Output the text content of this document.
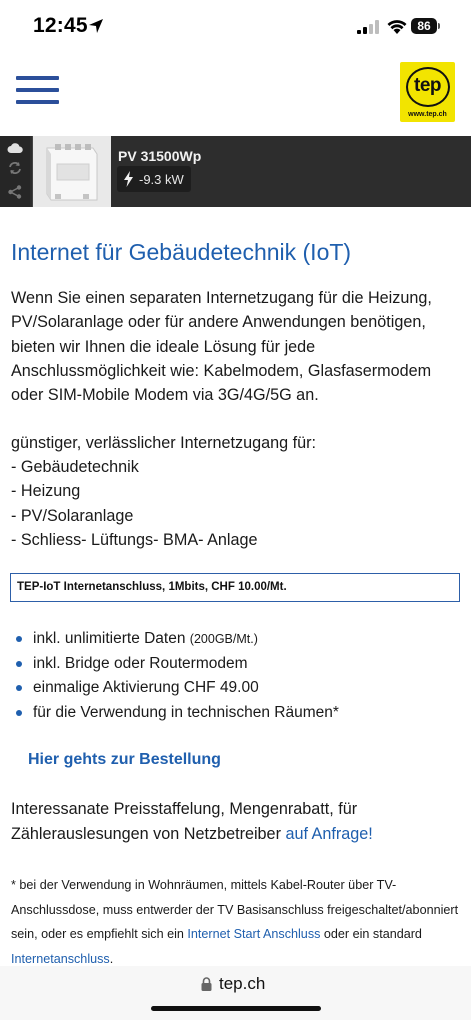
12:45	86
tep
www.tep.ch
PV 31500Wp
-9.3 kW
Internet für Gebäudetechnik (IoT)

Wenn Sie einen separaten Internetzugang für die Heizung, PV/Solaranlage oder für andere Anwendungen benötigen, bieten wir Ihnen die ideale Lösung für jede Anschlussmöglichkeit wie: Kabelmodem, Glasfasermodem oder SIM-Mobile Modem via 3G/4G/5G an.

günstiger, verlässlicher Internetzugang für:

- Gebäudetechnik
- Heizung
- PV/Solaranlage
- Schliess- Lüftungs- BMA- Anlage
TEP-IoT Internetanschluss, 1Mbits, CHF 10.00/Mt.
inkl. unlimitierte Daten (200GB/Mt.)
inkl. Bridge oder Routermodem
einmalige Aktivierung CHF 49.00
für die Verwendung in technischen Räumen*
Hier gehts zur Bestellung

Interessanate Preisstaffelung, Mengenrabatt, für Zählerauslesungen von Netzbetreiber auf Anfrage!

* bei der Verwendung in Wohnräumen, mittels Kabel-Router über TV-Anschlussdose, muss entwerder der TV Basisanschluss freigeschaltet/abonniert sein, oder es empfiehlt sich ein Internet Start Anschluss oder ein standard Internetanschluss.

tep.ch
